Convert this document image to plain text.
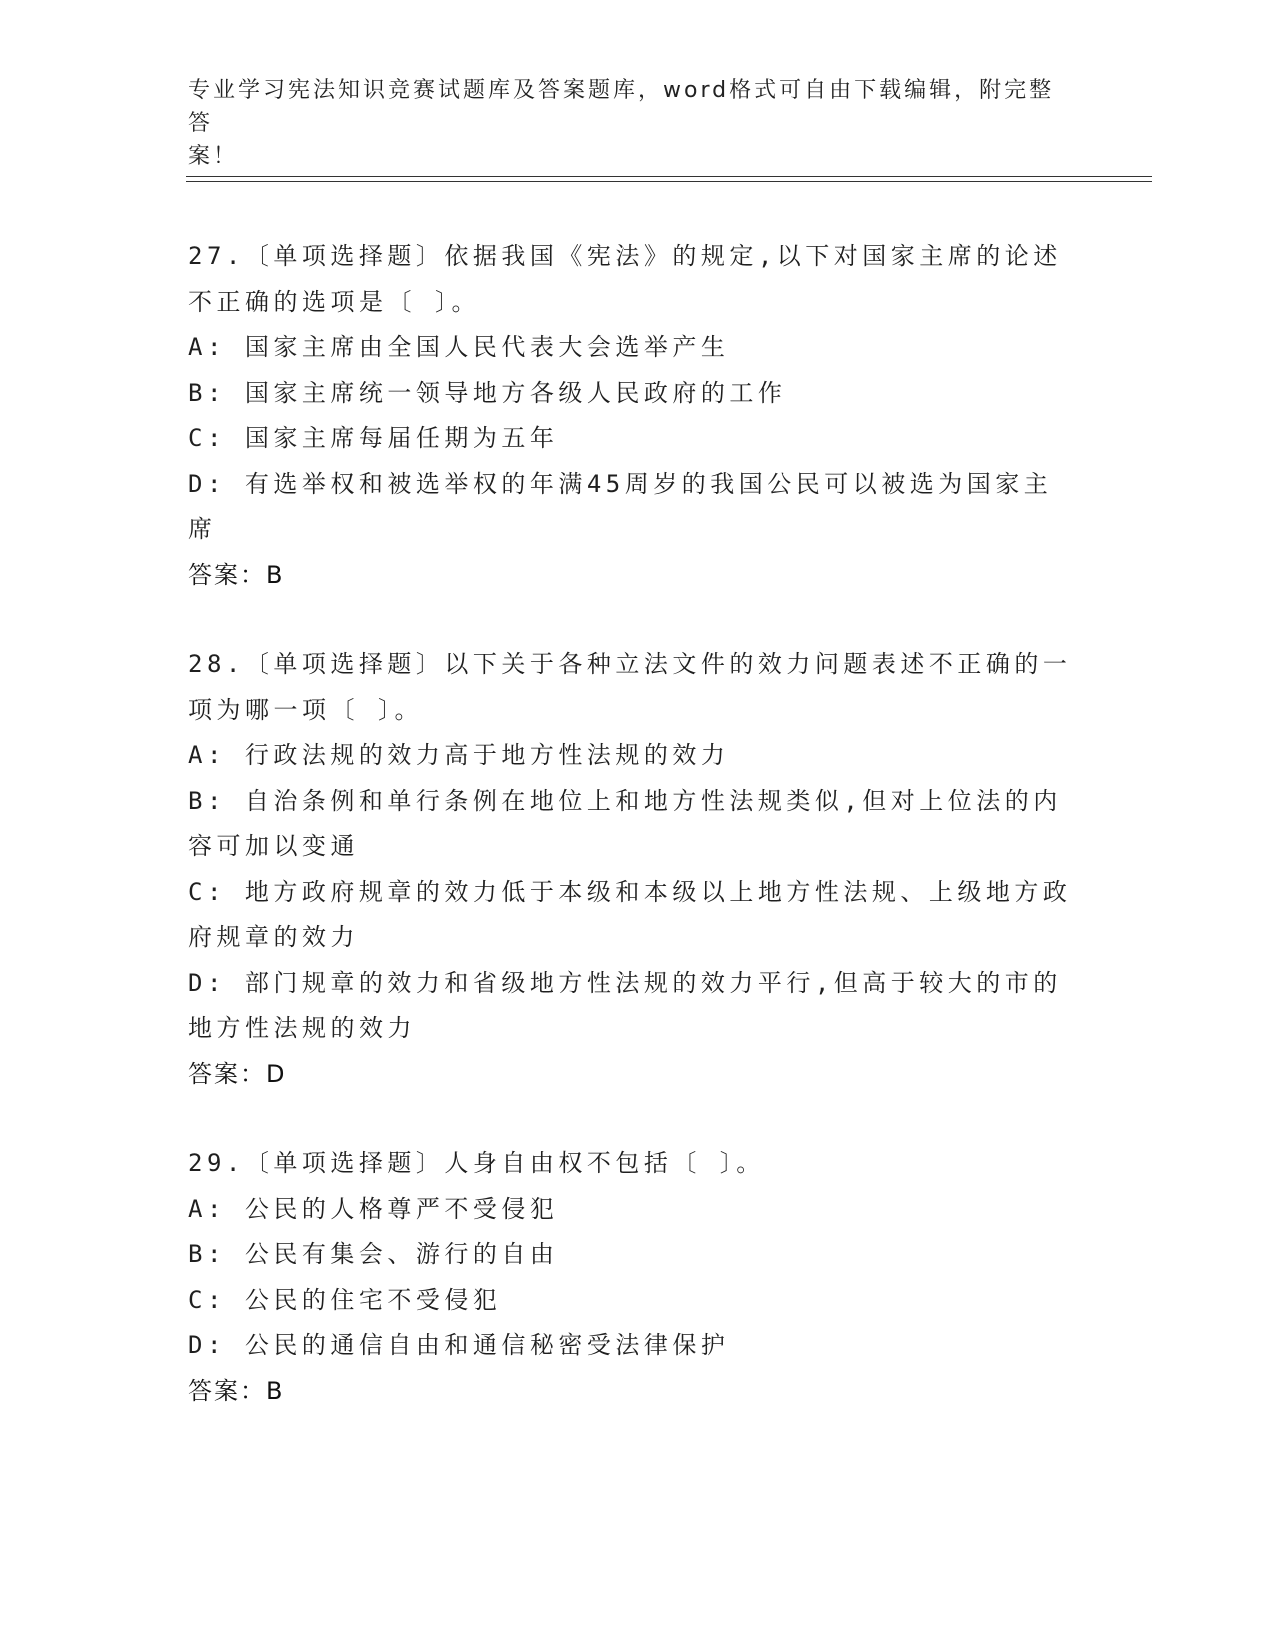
专业学习宪法知识竞赛试题库及答案题库，word格式可自由下载编辑，附完整答
案！
27.〔单项选择题〕依据我国《宪法》的规定,以下对国家主席的论述
不正确的选项是〔 〕。
A: 国家主席由全国人民代表大会选举产生
B: 国家主席统一领导地方各级人民政府的工作
C: 国家主席每届任期为五年
D: 有选举权和被选举权的年满45周岁的我国公民可以被选为国家主
席
答案：B
28.〔单项选择题〕以下关于各种立法文件的效力问题表述不正确的一
项为哪一项〔 〕。
A: 行政法规的效力高于地方性法规的效力
B: 自治条例和单行条例在地位上和地方性法规类似,但对上位法的内
容可加以变通
C: 地方政府规章的效力低于本级和本级以上地方性法规、上级地方政
府规章的效力
D: 部门规章的效力和省级地方性法规的效力平行,但高于较大的市的
地方性法规的效力
答案：D
29.〔单项选择题〕人身自由权不包括〔 〕。
A: 公民的人格尊严不受侵犯
B: 公民有集会、游行的自由
C: 公民的住宅不受侵犯
D: 公民的通信自由和通信秘密受法律保护
答案：B
